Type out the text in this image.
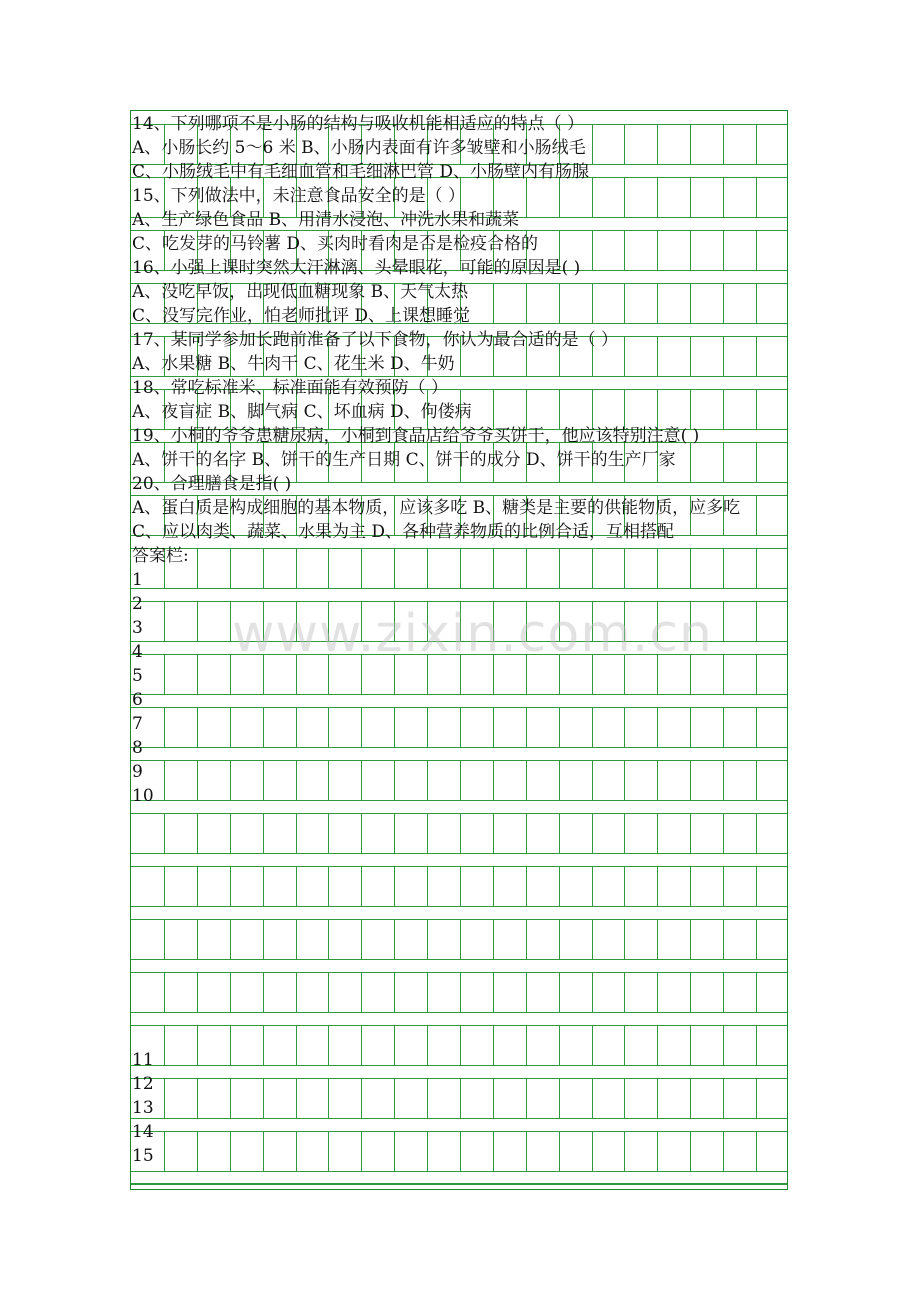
14、下列哪项不是小肠的结构与吸收机能相适应的特点（ ）
A、小肠长约 5～6 米 B、小肠内表面有许多皱壁和小肠绒毛
C、小肠绒毛中有毛细血管和毛细淋巴管 D、小肠壁内有肠腺
15、下列做法中，未注意食品安全的是（ ）
A、生产绿色食品 B、用清水浸泡、冲洗水果和蔬菜
C、吃发芽的马铃薯 D、买肉时看肉是否是检疫合格的
16、小强上课时突然大汗淋漓、头晕眼花，可能的原因是( )
A、没吃早饭，出现低血糖现象 B、天气太热
C、没写完作业，怕老师批评 D、上课想睡觉
17、某同学参加长跑前准备了以下食物，你认为最合适的是（ ）
A、水果糖 B、牛肉干 C、花生米 D、牛奶
18、常吃标准米、标准面能有效预防（ ）
A、夜盲症 B、脚气病 C、坏血病 D、佝偻病
19、小桐的爷爷患糖尿病，小桐到食品店给爷爷买饼干，他应该特别注意( )
A、饼干的名字 B、饼干的生产日期 C、饼干的成分 D、饼干的生产厂家
20、合理膳食是指( )
A、蛋白质是构成细胞的基本物质，应该多吃 B、糖类是主要的供能物质，应多吃
C、应以肉类、蔬菜、水果为主 D、各种营养物质的比例合适，互相搭配
答案栏:
1
2
3
4
5
6
7
8
9
10
11
12
13
14
15
www.zixin.com.cn
